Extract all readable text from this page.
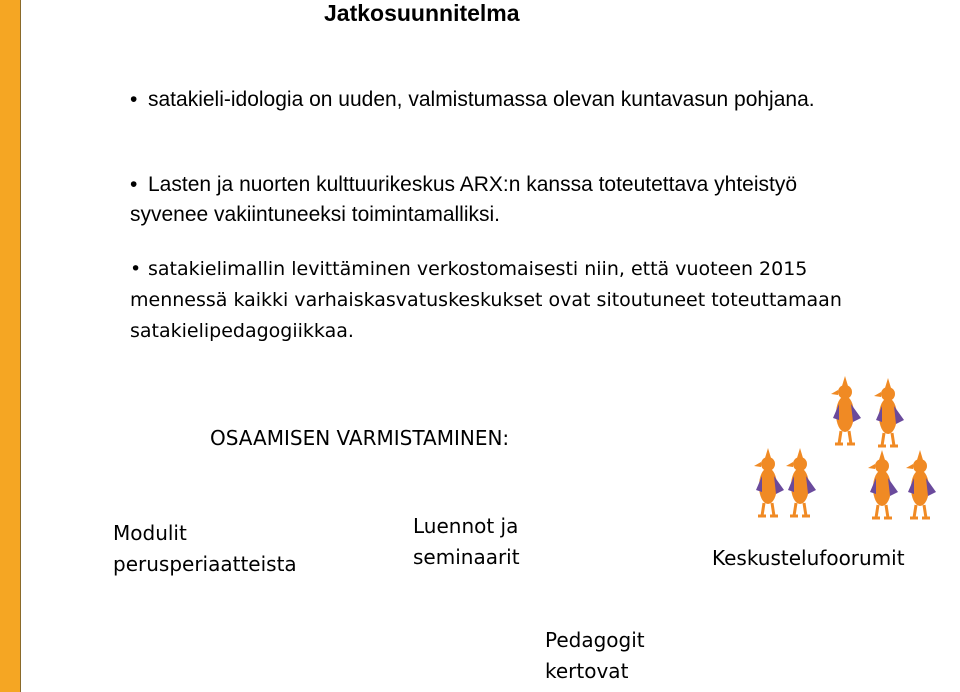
Jatkosuunnitelma
• satakieli-idologia on uuden, valmistumassa olevan kuntavasun pohjana.
• Lasten ja nuorten kulttuurikeskus ARX:n kanssa toteutettava yhteistyö syvenee vakiintuneeksi toimintamalliksi.
• satakielimallin levittäminen verkostomaisesti niin, että vuoteen 2015 mennessä kaikki varhaiskasvatuskeskukset ovat sitoutuneet toteuttamaan satakielipedagogiikkaa.
OSAAMISEN VARMISTAMINEN:
Modulit perusperiaatteista
Luennot ja seminaarit	Keskustelufoorumit
Pedagogit kertovat
